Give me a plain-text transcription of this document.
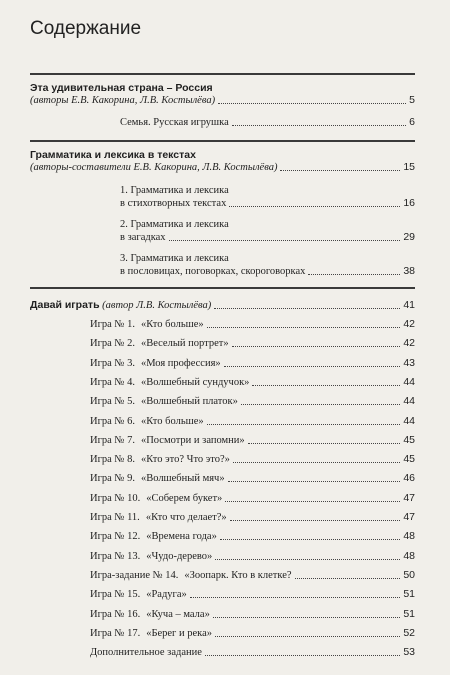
Содержание
Эта удивительная страна – Россия
(авторы Е.В. Какорина, Л.В. Костылёва)	5
Семья. Русская игрушка	6
Грамматика и лексика в текстах
(авторы-составители Е.В. Какорина, Л.В. Костылёва)	15
1. Грамматика и лексика
в стихотворных текстах	16
2. Грамматика и лексика
в загадках	29
3. Грамматика и лексика
в пословицах, поговорках, скороговорках	38
Давай играть (автор Л.В. Костылёва)	41
Игра № 1. «Кто больше»	42
Игра № 2. «Веселый портрет»	42
Игра № 3. «Моя профессия»	43
Игра № 4. «Волшебный сундучок»	44
Игра № 5. «Волшебный платок»	44
Игра № 6. «Кто больше»	44
Игра № 7. «Посмотри и запомни»	45
Игра № 8. «Кто это? Что это?»	45
Игра № 9. «Волшебный мяч»	46
Игра № 10. «Соберем букет»	47
Игра № 11. «Кто что делает?»	47
Игра № 12. «Времена года»	48
Игра № 13. «Чудо-дерево»	48
Игра-задание № 14. «Зоопарк. Кто в клетке?	50
Игра № 15. «Радуга»	51
Игра № 16. «Куча – мала»	51
Игра № 17. «Берег и река»	52
Дополнительное задание	53
